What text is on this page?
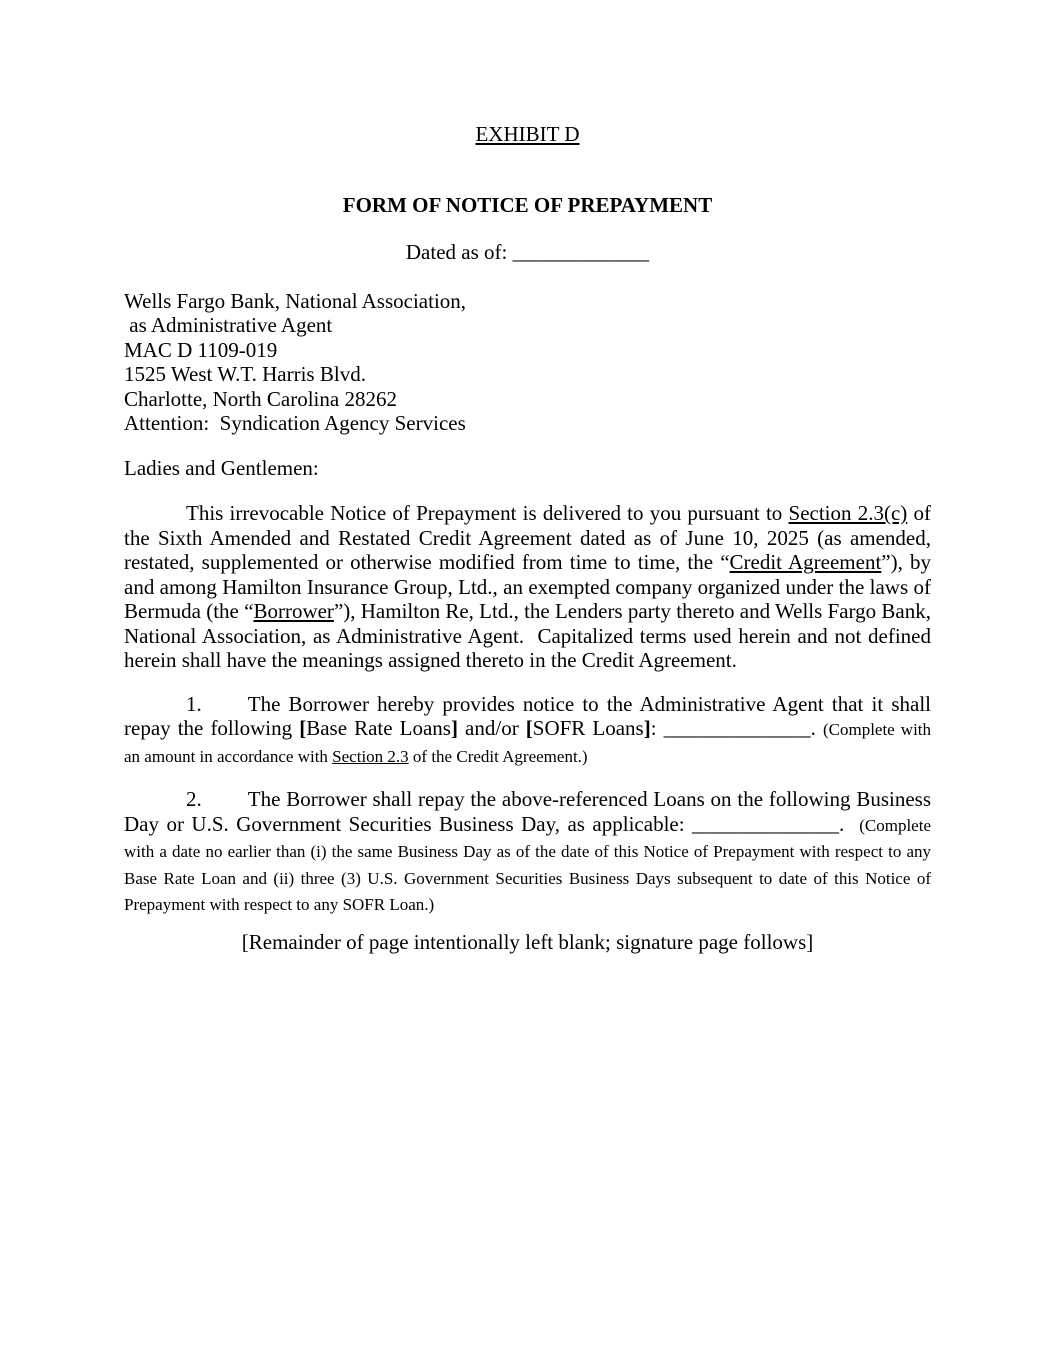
EXHIBIT D
FORM OF NOTICE OF PREPAYMENT
Dated as of: _____________
Wells Fargo Bank, National Association,
as Administrative Agent
MAC D 1109-019
1525 West W.T. Harris Blvd.
Charlotte, North Carolina 28262
Attention:  Syndication Agency Services
Ladies and Gentlemen:

This irrevocable Notice of Prepayment is delivered to you pursuant to Section 2.3(c) of the Sixth Amended and Restated Credit Agreement dated as of June 10, 2025 (as amended, restated, supplemented or otherwise modified from time to time, the “Credit Agreement”), by and among Hamilton Insurance Group, Ltd., an exempted company organized under the laws of Bermuda (the “Borrower”), Hamilton Re, Ltd., the Lenders party thereto and Wells Fargo Bank, National Association, as Administrative Agent.  Capitalized terms used herein and not defined herein shall have the meanings assigned thereto in the Credit Agreement.

1. The Borrower hereby provides notice to the Administrative Agent that it shall repay the following [Base Rate Loans] and/or [SOFR Loans]: ______________. (Complete with an amount in accordance with Section 2.3 of the Credit Agreement.)

2. The Borrower shall repay the above-referenced Loans on the following Business Day or U.S. Government Securities Business Day, as applicable: ______________.  (Complete with a date no earlier than (i) the same Business Day as of the date of this Notice of Prepayment with respect to any Base Rate Loan and (ii) three (3) U.S. Government Securities Business Days subsequent to date of this Notice of Prepayment with respect to any SOFR Loan.)

[Remainder of page intentionally left blank; signature page follows]
